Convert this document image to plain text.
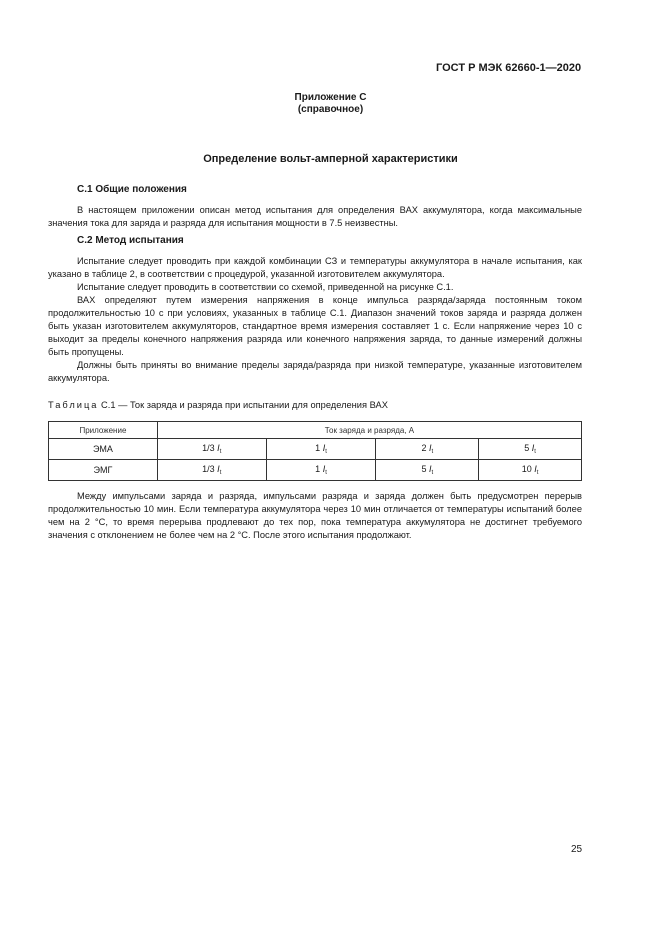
ГОСТ Р МЭК 62660-1—2020
Приложение С
(справочное)
Определение вольт-амперной характеристики
С.1 Общие положения

В настоящем приложении описан метод испытания для определения ВАХ аккумулятора, когда максимальные значения тока для заряда и разряда для испытания мощности в 7.5 неизвестны.

С.2 Метод испытания

Испытание следует проводить при каждой комбинации СЗ и температуры аккумулятора в начале испытания, как указано в таблице 2, в соответствии с процедурой, указанной изготовителем аккумулятора.

Испытание следует проводить в соответствии со схемой, приведенной на рисунке С.1.

ВАХ определяют путем измерения напряжения в конце импульса разряда/заряда постоянным током продолжительностью 10 с при условиях, указанных в таблице С.1. Диапазон значений токов заряда и разряда должен быть указан изготовителем аккумуляторов, стандартное время измерения составляет 1 с. Если напряжение через 10 с выходит за пределы конечного напряжения разряда или конечного напряжения заряда, то данные измерений должны быть пропущены.

Должны быть приняты во внимание пределы заряда/разряда при низкой температуре, указанные изготовителем аккумулятора.

Таблица С.1 — Ток заряда и разряда при испытании для определения ВАХ
Приложение	Ток заряда и разряда, А			
ЭМА	1/3 $I_t$	1 $I_t$	2 $I_t$	5 $I_t$
ЭМГ	1/3 $I_t$	1 $I_t$	5 $I_t$	10 $I_t$

Между импульсами заряда и разряда, импульсами разряда и заряда должен быть предусмотрен перерыв продолжительностью 10 мин. Если температура аккумулятора через 10 мин отличается от температуры испытаний более чем на 2 °С, то время перерыва продлевают до тех пор, пока температура аккумулятора не достигнет требуемого значения с отклонением не более чем на 2 °С. После этого испытания продолжают.

25
